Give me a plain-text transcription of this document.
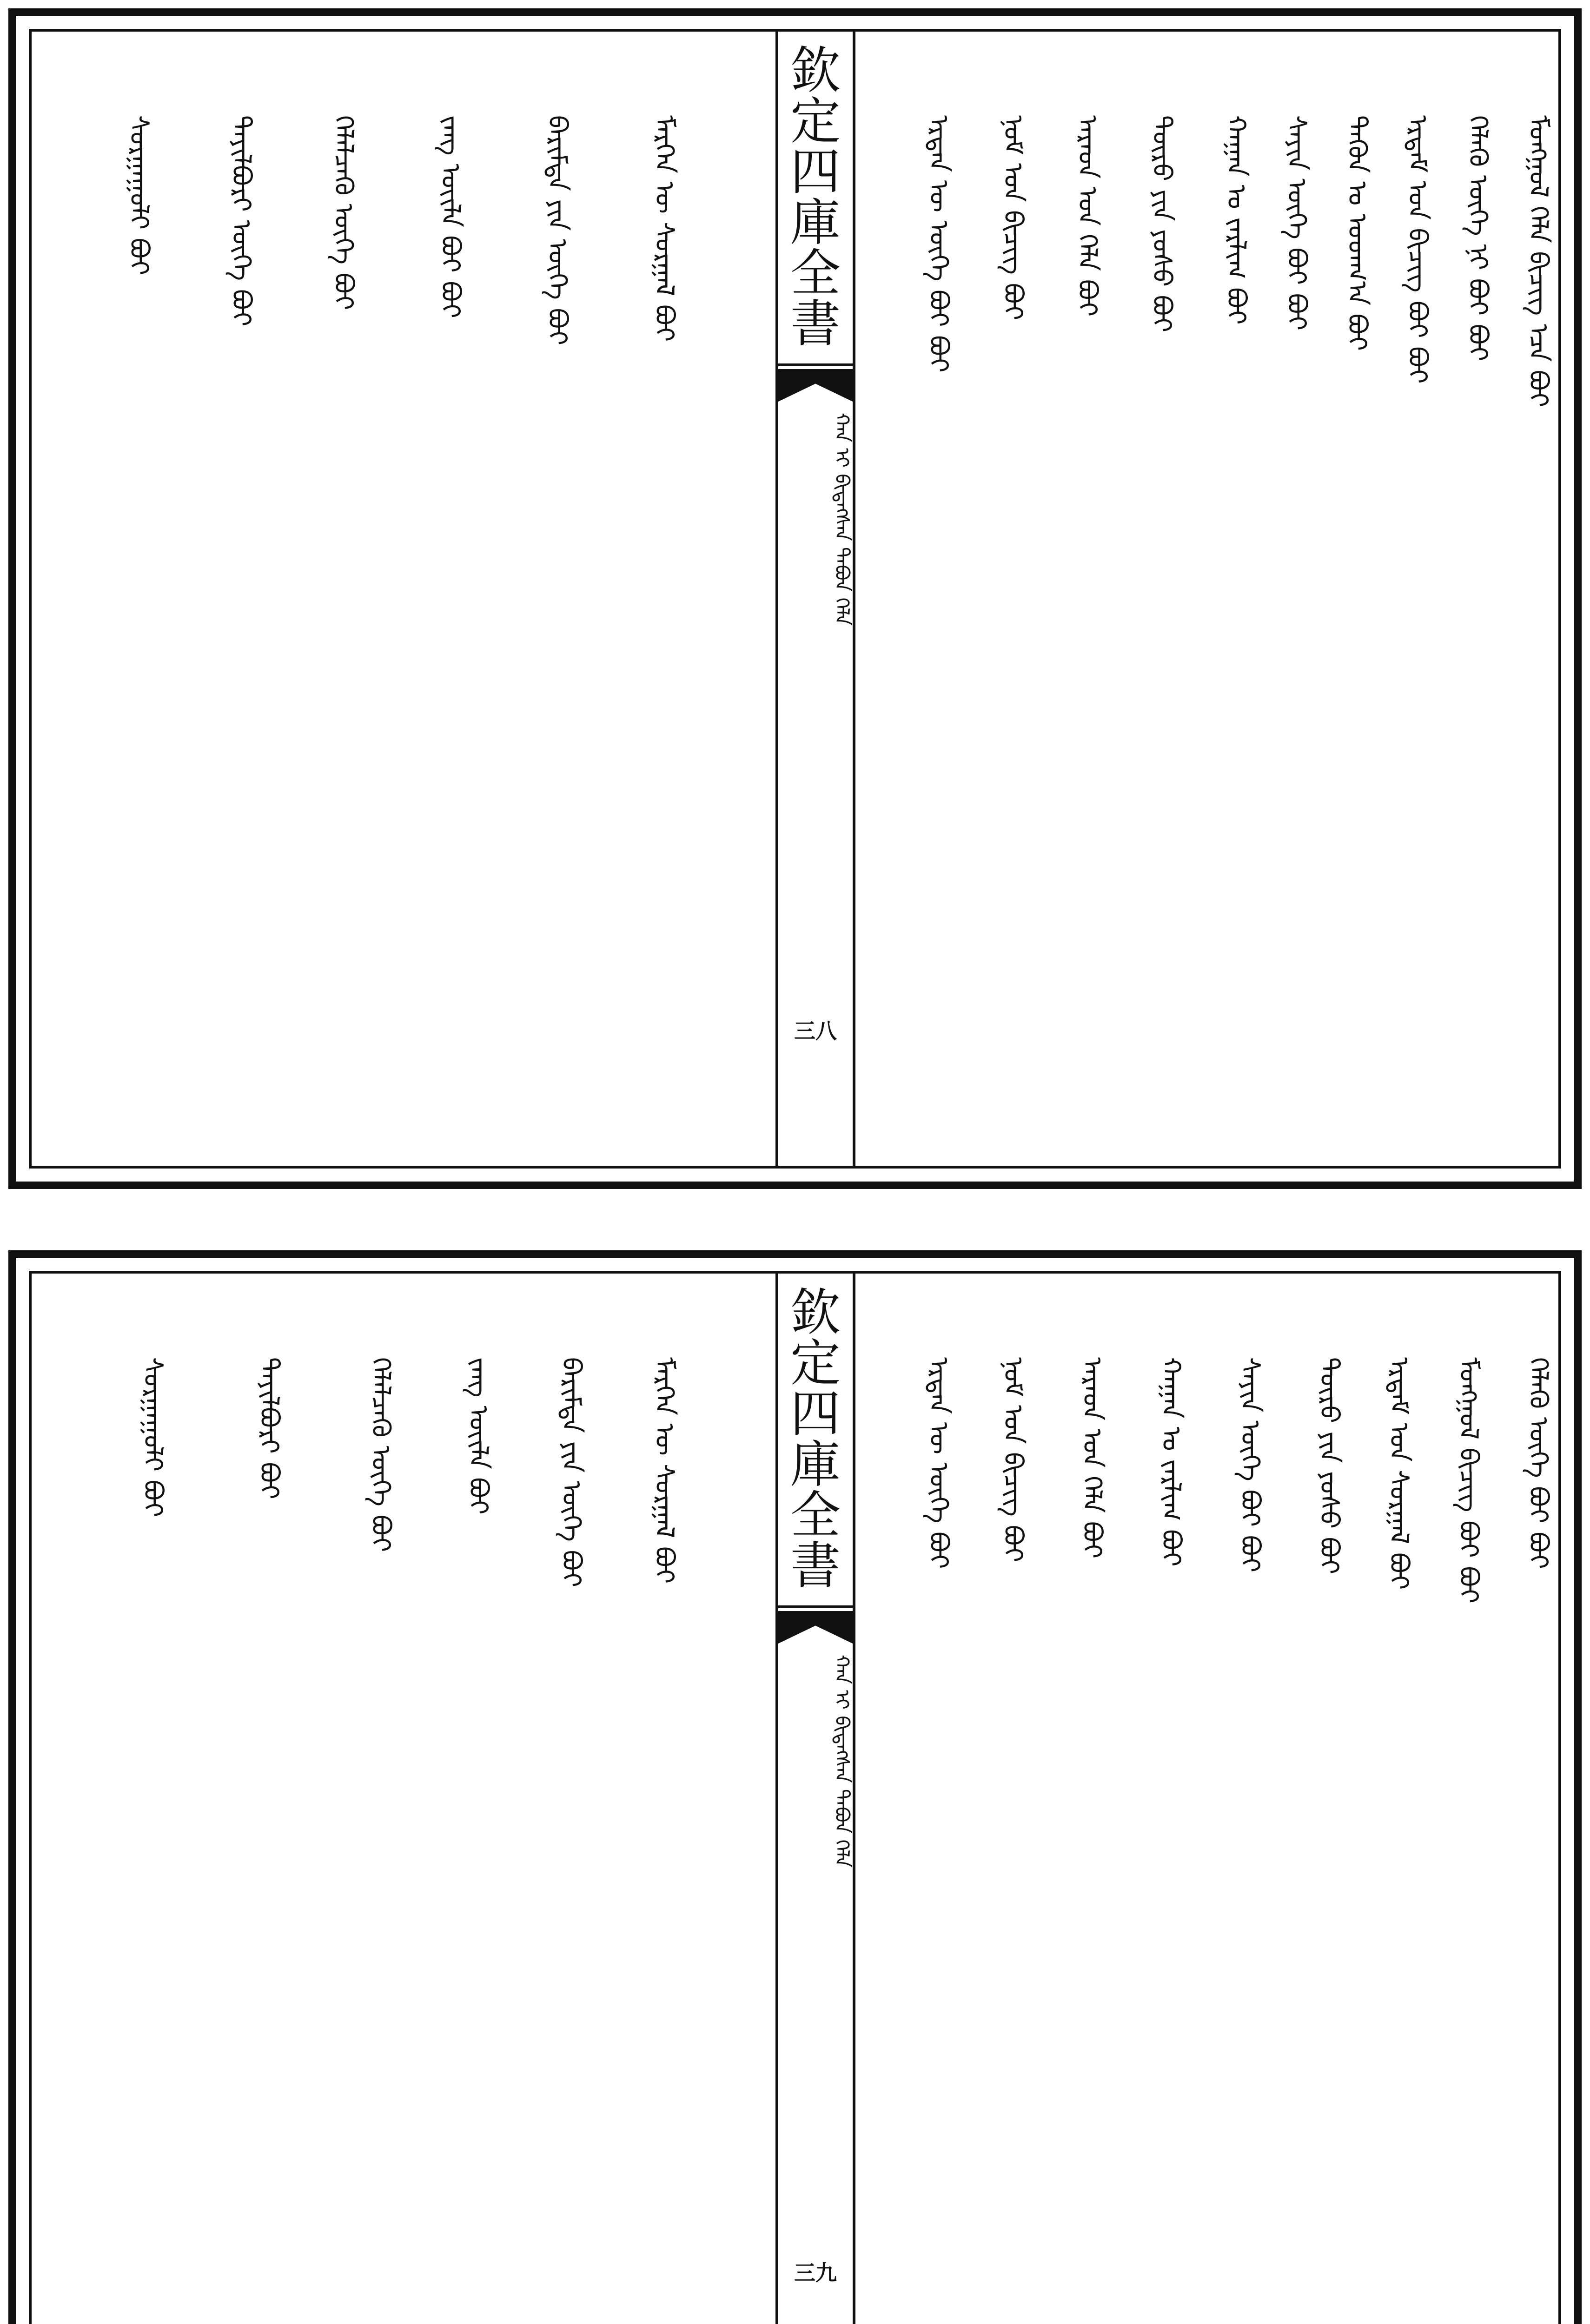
欽
定
四
庫
全
書
ᠬᠠᠨ ᠢ ᠪᠢᠲᠡᠭᠰᠡᠨ ᠲᠠᠪᠤᠨ ᠬᠡᠯᠡ
三八
ᠮᠣᠩᠭᠣᠯ ᠬᠡᠯᠡ ᠪᠢᠴᠢᠭ ᠡᠴᠡ ᠪᠣᠢ
ᠬᠡᠯᠡᠬᠦ ᠦᠭᠡ ᠨᠢ ᠪᠣᠢ ᠪᠣᠢ
ᠡᠷᠳᠡᠮ ᠤᠨ ᠪᠢᠴᠢᠭ ᠪᠣᠢ ᠪᠣᠢ
ᠲᠡᠭᠦᠨ ᠤ ᠤᠳᠬ᠎ᠠ ᠪᠣᠢ
ᠰᠠᠶᠢᠨ ᠦᠭᠡ ᠪᠣᠢ ᠪᠣᠢ
ᠬᠠᠭᠠᠨ ᠤ ᠵᠠᠷᠯᠢᠭ ᠪᠣᠢ
ᠲᠥᠷᠥ ᠶᠢᠨ ᠶᠣᠰᠣ ᠪᠣᠢ
ᠠᠷᠠᠳ ᠤᠨ ᠬᠡᠯᠡ ᠪᠣᠢ
ᠨᠣᠮ ᠤᠨ ᠪᠢᠴᠢᠭ ᠪᠣᠢ
ᠡᠷᠲᠡᠨ ᠦ ᠦᠭᠡ ᠪᠣᠢ ᠪᠣᠢ
ᠮᠡᠷᠭᠡᠨ ᠦ ᠰᠤᠷᠭᠠᠯ ᠪᠣᠢ
ᠪᠠᠷᠢᠮᠲᠠ ᠶᠢᠨ ᠦᠭᠡ ᠪᠣᠢ
ᠵᠠᠩ ᠦᠢᠯᠡ ᠪᠣᠢ ᠪᠣᠢ
ᠬᠡᠯᠡᠯᠴᠡᠬᠦ ᠦᠭᠡ ᠪᠣᠢ
ᠲᠠᠶᠢᠯᠪᠤᠷᠢ ᠦᠭᠡ ᠪᠣᠢ
ᠰᠤᠷᠭᠠᠭᠤᠯᠢ ᠪᠣᠢ
欽
定
四
庫
全
書
ᠬᠠᠨ ᠢ ᠪᠢᠲᠡᠭᠰᠡᠨ ᠲᠠᠪᠤᠨ ᠬᠡᠯᠡ
三九
ᠬᠡᠯᠡᠬᠦ ᠦᠭᠡ ᠪᠣᠢ ᠪᠣᠢ
ᠮᠣᠩᠭᠣᠯ ᠪᠢᠴᠢᠭ ᠪᠣᠢ ᠪᠣᠢ
ᠡᠷᠳᠡᠮ ᠤᠨ ᠰᠤᠷᠭᠠᠯ ᠪᠣᠢ
ᠲᠥᠷᠥ ᠶᠢᠨ ᠶᠣᠰᠣ ᠪᠣᠢ
ᠰᠠᠶᠢᠨ ᠦᠭᠡ ᠪᠣᠢ ᠪᠣᠢ
ᠬᠠᠭᠠᠨ ᠤ ᠵᠠᠷᠯᠢᠭ ᠪᠣᠢ
ᠠᠷᠠᠳ ᠤᠨ ᠬᠡᠯᠡ ᠪᠣᠢ
ᠨᠣᠮ ᠤᠨ ᠪᠢᠴᠢᠭ ᠪᠣᠢ
ᠡᠷᠲᠡᠨ ᠦ ᠦᠭᠡ ᠪᠣᠢ
ᠮᠡᠷᠭᠡᠨ ᠦ ᠰᠤᠷᠭᠠᠯ ᠪᠣᠢ
ᠪᠠᠷᠢᠮᠲᠠ ᠶᠢᠨ ᠦᠭᠡ ᠪᠣᠢ
ᠵᠠᠩ ᠦᠢᠯᠡ ᠪᠣᠢ
ᠬᠡᠯᠡᠯᠴᠡᠬᠦ ᠦᠭᠡ ᠪᠣᠢ
ᠲᠠᠶᠢᠯᠪᠤᠷᠢ ᠪᠣᠢ
ᠰᠤᠷᠭᠠᠭᠤᠯᠢ ᠪᠣᠢ
